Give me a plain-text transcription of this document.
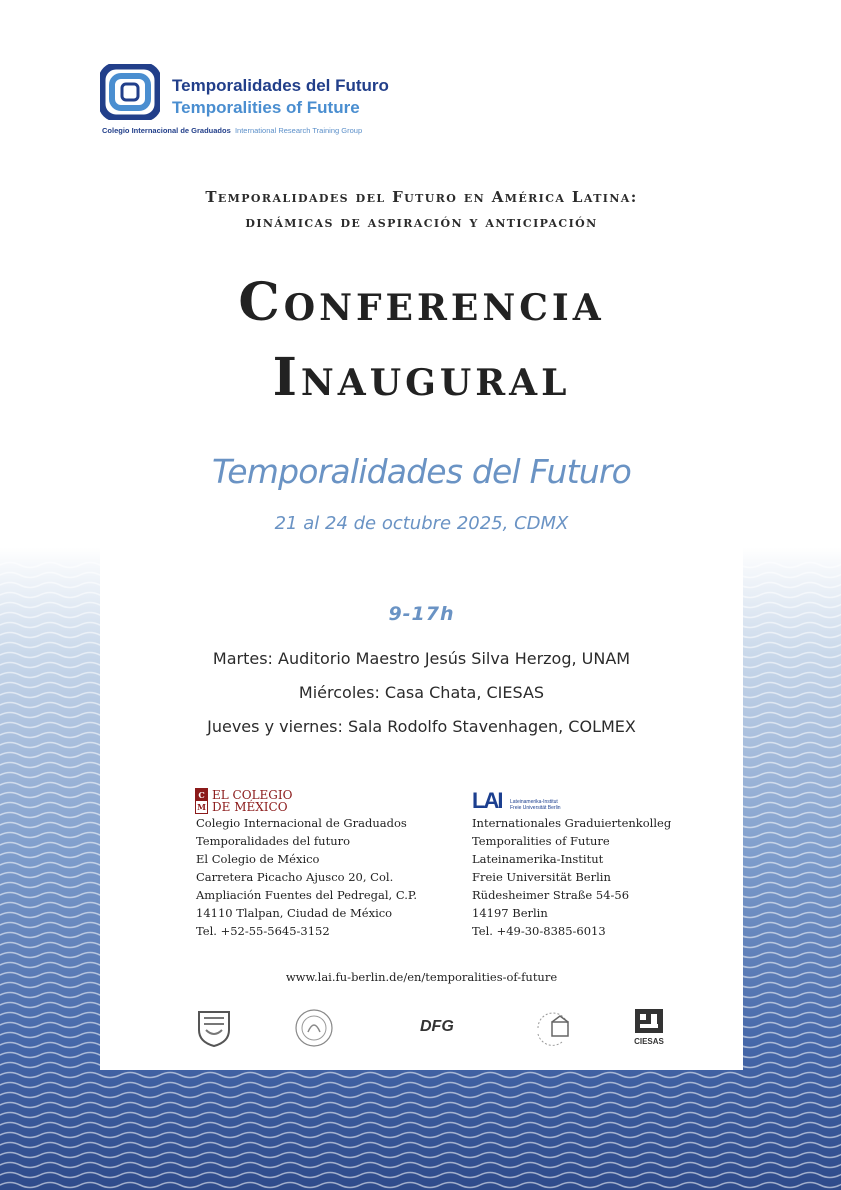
Temporalidades del Futuro
Temporalities of Future
Colegio Internacional de Graduados International Research Training Group
Temporalidades del Futuro en América Latina:
dinámicas de aspiración y anticipación
Conferencia
Inaugural
Temporalidades del Futuro
21 al 24 de octubre 2025, CDMX
9-17h
Martes: Auditorio Maestro Jesús Silva Herzog, UNAM
Miércoles: Casa Chata, CIESAS
Jueves y viernes: Sala Rodolfo Stavenhagen, COLMEX
C
M
EL COLEGIO
DE MÉXICO	LAI Lateinamerika-Institut
Freie Universität Berlin
Colegio Internacional de Graduados
Temporalidades del futuro
El Colegio de México
Carretera Picacho Ajusco 20, Col.
Ampliación Fuentes del Pedregal, C.P.
14110 Tlalpan, Ciudad de México
Tel. +52-55-5645-3152
Internationales Graduiertenkolleg
Temporalities of Future
Lateinamerika-Institut
Freie Universität Berlin
Rüdesheimer Straße 54-56
14197 Berlin
Tel. +49-30-8385-6013
www.lai.fu-berlin.de/en/temporalities-of-future
DFG
CIESAS
